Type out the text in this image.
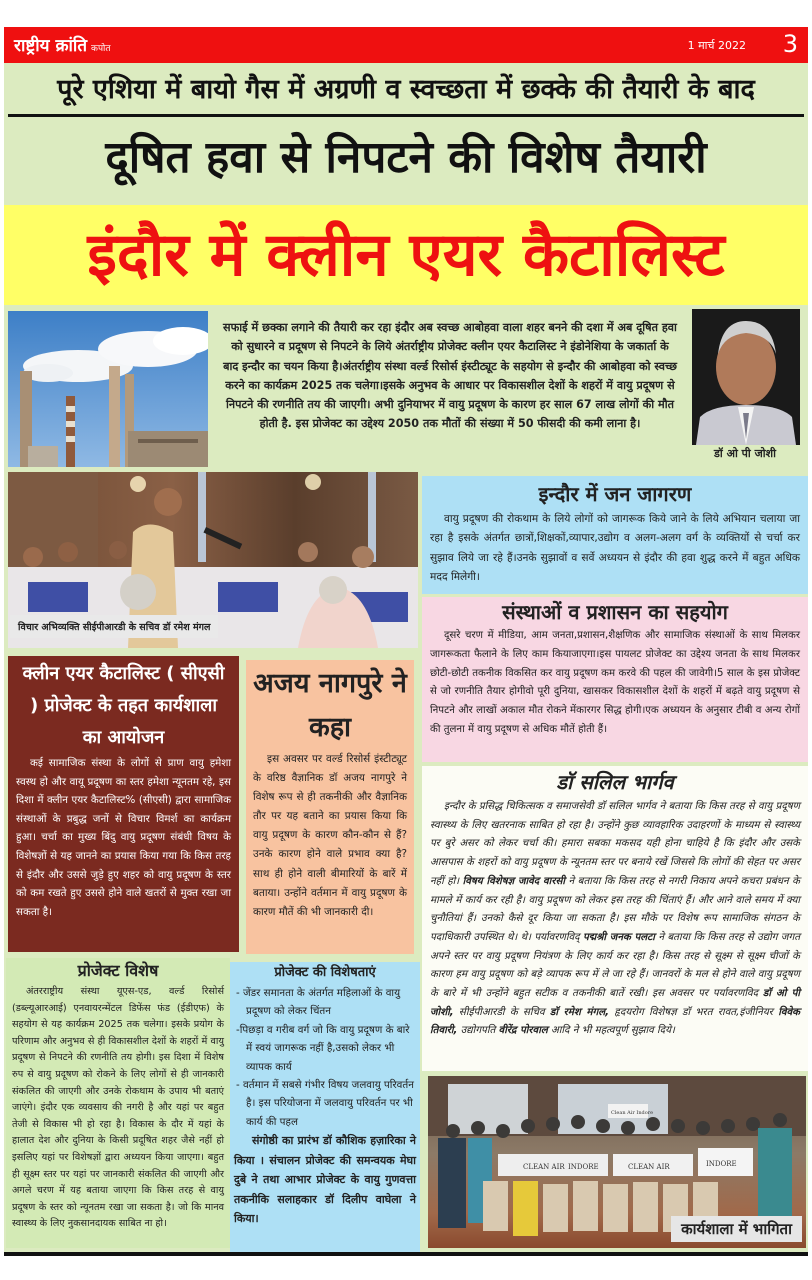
राष्ट्रीय क्रांति कपोत	1 मार्च 2022 3
पूरे एशिया में बायो गैस में अग्रणी व स्वच्छता में छक्के की तैयारी के बाद
दूषित हवा से निपटने की विशेष तैयारी
इंदौर में क्लीन एयर कैटालिस्ट
सफाई में छक्का लगाने की तैयारी कर रहा इंदौर अब स्वच्छ आबोहवा वाला शहर बनने की दशा में अब दूषित हवा को सुधारने व प्रदूषण से निपटने के लिये अंतर्राष्ट्रीय प्रोजेक्ट क्लीन एयर कैटालिस्ट ने इंडोनेशिया के जकार्ता के बाद इन्दौर का चयन किया है।अंतर्राष्ट्रीय संस्था वर्ल्ड रिसोर्स इंस्टीट्यूट के सहयोग से इन्दौर की आबोहवा को स्वच्छ करने का कार्यक्रम 2025 तक चलेगा।इसके अनुभव के आधार पर विकासशील देशों के शहरों में वायु प्रदूषण से निपटने की रणनीति तय की जाएगी। अभी दुनियाभर में वायु प्रदूषण के कारण हर साल 67 लाख लोगों की मौत होती है. इस प्रोजेक्ट का उद्देश्य 2050 तक मौतों की संख्या में 50 फीसदी की कमी लाना है।
डॉ ओ पी जोशी
विचार अभिव्यक्ति सीईपीआरडी के सचिव डॉ रमेश मंगल
इन्दौर में जन जागरण
वायु प्रदूषण की रोकथाम के लिये लोगों को जागरूक किये जाने के लिये अभियान चलाया जा रहा है इसके अंतर्गत छात्रों,शिक्षकों,व्यापार,उद्योग व अलग-अलग वर्ग के व्यक्तियों से चर्चा कर सुझाव लिये जा रहे हैं।उनके सुझावों व सर्वे अध्ययन से इंदौर की हवा शुद्ध करने में बहुत अधिक मदद मिलेगी।
संस्थाओं व प्रशासन का सहयोग
दूसरे चरण में मीडिया, आम जनता,प्रशासन,शैक्षणिक और सामाजिक संस्थाओं के साथ मिलकर जागरूकता फैलाने के लिए काम कियाजाएगा।इस पायलट प्रोजेक्ट का उद्देश्य जनता के साथ मिलकर छोटी-छोटी तकनीक विकसित कर वायु प्रदूषण कम करवे की पहल की जावेगी।5 साल के इस प्रोजेक्ट से जो रणनीति तैयार होगीवो पूरी दुनिया, खासकर विकासशील देशों के शहरों में बढ़ते वायु प्रदूषण से निपटने और लाखों अकाल मौत रोकने मेंकारगर सिद्ध होगी।एक अध्ययन के अनुसार टीबी व अन्य रोगों की तुलना में वायु प्रदूषण से अधिक मौतें होती हैं।
डॉ सलिल भार्गव
इन्दौर के प्रसिद्ध चिकित्सक व समाजसेवी डॉ सलिल भार्गव ने बताया कि किस तरह से वायु प्रदूषण स्वास्थ्य के लिए खतरनाक साबित हो रहा है। उन्होंने कुछ व्यावहारिक उदाहरणों के माध्यम से स्वास्थ्य पर बुरे असर को लेकर चर्चा की। हमारा सबका मकसद यही होना चाहिये है कि इंदौर और उसके आसपास के शहरों को वायु प्रदूषण के न्यूनतम स्तर पर बनाये रखें जिससे कि लोगों की सेहत पर असर नहीं हो। विषय विशेषज्ञ जावेद वारसी ने बताया कि किस तरह से नगरी निकाय अपने कचरा प्रबंधन के मामले में कार्य कर रही है। वायु प्रदूषण को लेकर इस तरह की चिंताएं हैं। और आने वाले समय में क्या चुनौतियां हैं। उनको कैसे दूर किया जा सकता है। इस मौके पर विशेष रूप सामाजिक संगठन के पदाधिकारी उपस्थित थे। थे। पर्यावरणविद् पद्मश्री जनक पलटा ने बताया कि किस तरह से उद्योग जगत अपने स्तर पर वायु प्रदूषण नियंत्रण के लिए कार्य कर रहा है। किस तरह से सूक्ष्म से सूक्ष्म चीजों के कारण हम वायु प्रदूषण को बड़े व्यापक रूप में ले जा रहे हैं। जानवरों के मल से होने वाले वायु प्रदूषण के बारे में भी उन्होंने बहुत सटीक व तकनीकी बातें रखी। इस अवसर पर पर्यावरणविद डॉ ओ पी जोशी, सीईपीआरडी के सचिव डॉ रमेश मंगल, हृदयरोग विशेषज्ञ डॉ भरत रावत,इंजीनियर विवेक तिवारी, उद्योगपति वीरेंद्र पोरवाल आदि ने भी महत्वपूर्ण सुझाव दिये।
क्लीन एयर कैटालिस्ट ( सीएसी ) प्रोजेक्ट के तहत कार्यशाला का आयोजन
कई सामाजिक संस्था के लोगों से प्राण वायु हमेशा स्वस्थ हो और वायू प्रदूषण का स्तर हमेशा न्यूनतम रहे, इस दिशा में क्लीन एयर कैटालिस्ट% (सीएसी) द्वारा सामाजिक संस्थाओं के प्रबुद्ध जनों से विचार विमर्श का कार्यक्रम हुआ। चर्चा का मुख्य बिंदु वायु प्रदूषण संबंधी विषय के विशेषज्ञों से यह जानने का प्रयास किया गया कि किस तरह से इंदौर और उससे जुड़े हुए शहर को वायु प्रदूषण के स्तर को कम रखते हुए उससे होने वाले खतरों से मुक्त रखा जा सकता है।
अजय नागपुरे ने कहा
इस अवसर पर वर्ल्ड रिसोर्स इंस्टीट्यूट के वरिष्ठ वैज्ञानिक डॉ अजय नागपुरे ने विशेष रूप से ही तकनीकी और वैज्ञानिक तौर पर यह बताने का प्रयास किया कि वायु प्रदूषण के कारण कौन-कौन से हैं?उनके कारण होने वाले प्रभाव क्या है?साथ ही होने वाली बीमारियों के बारें में बताया। उन्होंने वर्तमान में वायु प्रदूषण के कारण मौतें की भी जानकारी दी।
प्रोजेक्ट विशेष
अंतरराष्ट्रीय संस्था यूएस-एड, वर्ल्ड रिसोर्स (डब्ल्यूआरआई) एनवायरन्मेंटल डिफेंस फंड (ईडीएफ) के सहयोग से यह कार्यक्रम 2025 तक चलेगा। इसके प्रयोग के परिणाम और अनुभव से ही विकासशील देशों के शहरों में वायु प्रदूषण से निपटने की रणनीति तय होगी। इस दिशा में विशेष रुप से वायु प्रदूषण को रोकने के लिए लोगों से ही जानकारी संकलित की जाएगी और उनके रोकथाम के उपाय भी बताएं जाएंगे। इंदौर एक व्यवसाय की नगरी है और यहां पर बहुत तेजी से विकास भी हो रहा है। विकास के दौर में यहां के हालात देश और दुनिया के किसी प्रदूषित शहर जैसे नहीं हो इसलिए यहां पर विशेषज्ञों द्वारा अध्ययन किया जाएगा। बहुत ही सूक्ष्म स्तर पर यहां पर जानकारी संकलित की जाएगी और अगले चरण में यह बताया जाएगा कि किस तरह से वायु प्रदूषण के स्तर को न्यूनतम रखा जा सकता है। जो कि मानव स्वास्थ्य के लिए नुकसानदायक साबित ना हो।
प्रोजेक्ट की विशेषताएं
- जेंडर समानता के अंतर्गत महिलाओं के वायु प्रदूषण को लेकर चिंतन
-पिछड़ा व गरीब वर्ग जो कि वायु प्रदूषण के बारे में स्वयं जागरूक नहीं है,उसको लेकर भी व्यापक कार्य
- वर्तमान में सबसे गंभीर विषय जलवायु परिवर्तन है। इस परियोजना में जलवायु परिवर्तन पर भी कार्य की पहल
संगोष्ठी का प्रारंभ डॉ कौशिक हज़ारिका ने किया । संचालन प्रोजेक्ट की समन्वयक मेघा दुबे ने तथा आभार प्रोजेक्ट के वायु गुणवत्ता तकनीकि सलाहकार डॉ दिलीप वाघेला ने किया।
CLEAN AIR INDORE	CLEAN AIR	INDORE
Clean Air Indore
कार्यशाला में भागिता
